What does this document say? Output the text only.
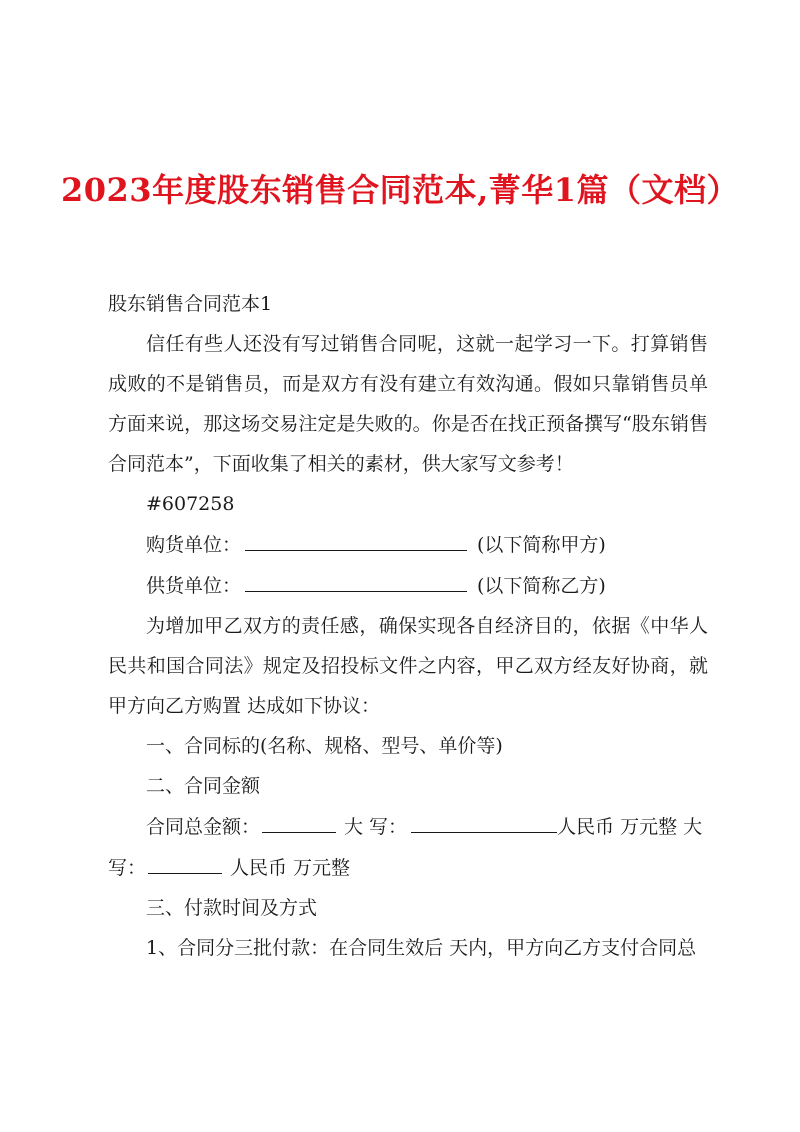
2023年度股东销售合同范本,菁华1篇（文档）

股东销售合同范本1

信任有些人还没有写过销售合同呢，这就一起学习一下。打算销售成败的不是销售员，而是双方有没有建立有效沟通。假如只靠销售员单方面来说，那这场交易注定是失败的。你是否在找正预备撰写“股东销售合同范本”，下面收集了相关的素材，供大家写文参考！

#607258

购货单位：	(以下简称甲方)

供货单位：	(以下简称乙方)

为增加甲乙双方的责任感，确保实现各自经济目的，依据《中华人民共和国合同法》规定及招投标文件之内容，甲乙双方经友好协商，就甲方向乙方购置 达成如下协议：

一、合同标的(名称、规格、型号、单价等)

二、合同金额

合同总金额：	大 写：	人民币 万元整 大

写：	人民币 万元整

三、付款时间及方式

1、合同分三批付款：在合同生效后 天内，甲方向乙方支付合同总
